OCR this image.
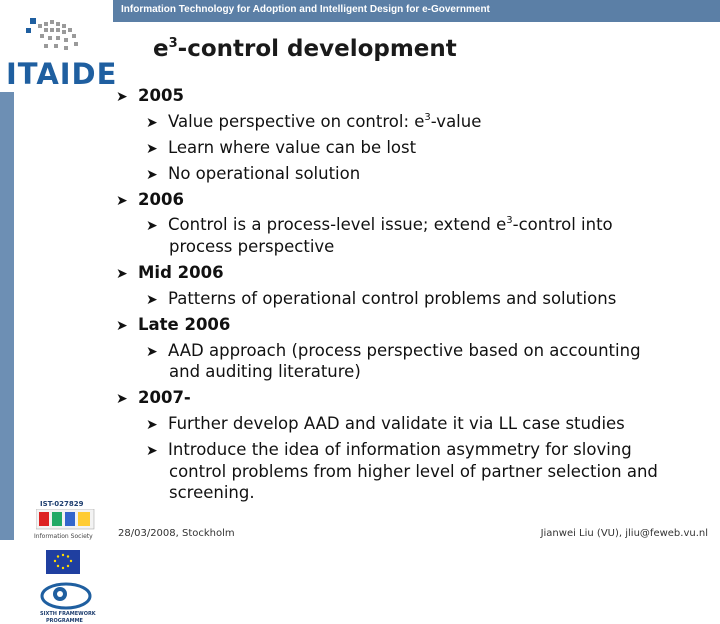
Information Technology for Adoption and Intelligent Design for e-Government
ITAIDE
IST-027829
Information Society
SIXTH FRAMEWORK
PROGRAMME
$e^3$-control development
➤ 2005
➤ Value perspective on control: $e^3$-value
➤ Learn where value can be lost
➤ No operational solution
➤ 2006
➤ Control is a process-level issue; extend $e^3$-control into
process perspective
➤ Mid 2006
➤ Patterns of operational control problems and solutions
➤ Late 2006
➤ AAD approach (process perspective based on accounting
and auditing literature)
➤ 2007-
➤ Further develop AAD and validate it via LL case studies
➤ Introduce the idea of information asymmetry for sloving
control problems from higher level of partner selection and
screening.
28/03/2008, Stockholm	Jianwei Liu (VU), jliu@feweb.vu.nl
